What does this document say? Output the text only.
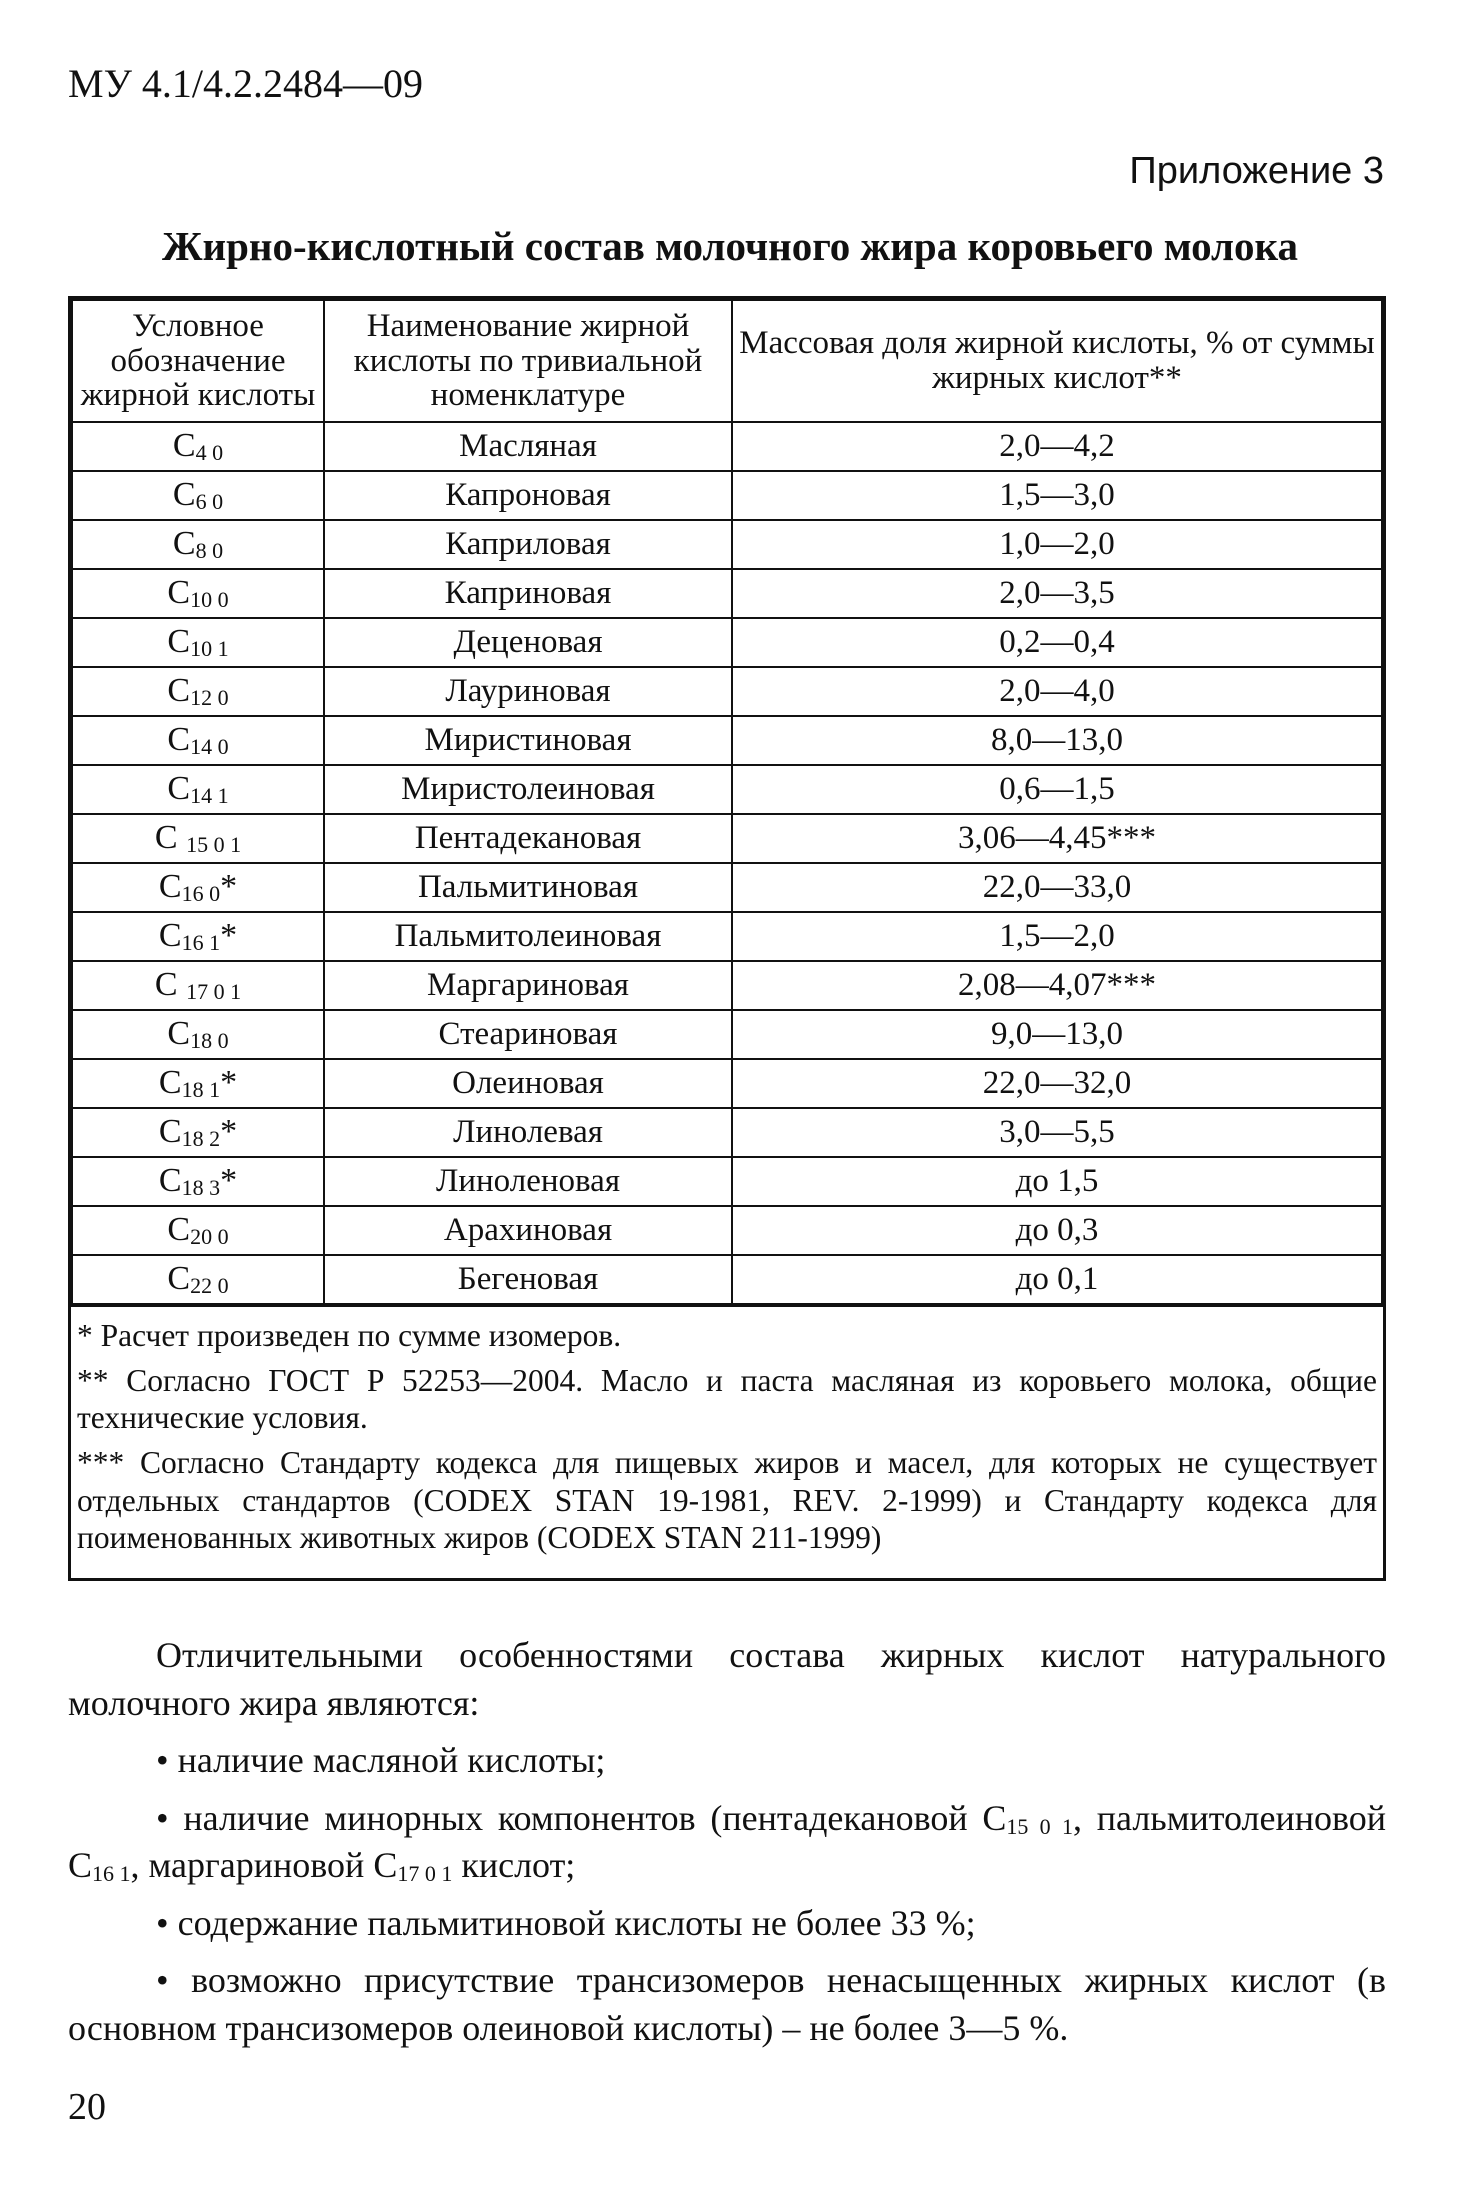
МУ 4.1/4.2.2484—09
Приложение 3
Жирно-кислотный состав молочного жира коровьего молока
Условное обозначение жирной кислоты	Наименование жирной кислоты по тривиальной номенклатуре	Массовая доля жирной кислоты, % от суммы жирных кислот**
$C_{4 0}$	Масляная	2,0—4,2
$C_{6 0}$	Капроновая	1,5—3,0
$C_{8 0}$	Каприловая	1,0—2,0
$C_{10 0}$	Каприновая	2,0—3,5
$C_{10 1}$	Деценовая	0,2—0,4
$C_{12 0}$	Лауриновая	2,0—4,0
$C_{14 0}$	Миристиновая	8,0—13,0
$C_{14 1}$	Миристолеиновая	0,6—1,5
C $_{15 0 1}$	Пентадекановая	3,06—4,45***
$C_{16 0}*$	Пальмитиновая	22,0—33,0
$C_{16 1}*$	Пальмитолеиновая	1,5—2,0
C $_{17 0 1}$	Маргариновая	2,08—4,07***
$C_{18 0}$	Стеариновая	9,0—13,0
$C_{18 1}*$	Олеиновая	22,0—32,0
$C_{18 2}*$	Линолевая	3,0—5,5
$C_{18 3}*$	Линоленовая	до 1,5
$C_{20 0}$	Арахиновая	до 0,3
$C_{22 0}$	Бегеновая	до 0,1

* Расчет произведен по сумме изомеров.

** Согласно ГОСТ Р 52253—2004. Масло и паста масляная из коровьего молока, общие технические условия.

*** Согласно Стандарту кодекса для пищевых жиров и масел, для которых не существует отдельных стандартов (CODEX STAN 19-1981, REV. 2-1999) и Стандарту кодекса для поименованных животных жиров (CODEX STAN 211-1999)

Отличительными особенностями состава жирных кислот натурального молочного жира являются:

• наличие масляной кислоты;

• наличие минорных компонентов (пентадекановой $C_{15 0 1}$, пальмитолеиновой $C_{16 1}$, маргариновой $C_{17 0 1}$ кислот;

• содержание пальмитиновой кислоты не более 33 %;

• возможно присутствие трансизомеров ненасыщенных жирных кислот (в основном трансизомеров олеиновой кислоты) – не более 3—5 %.

20
